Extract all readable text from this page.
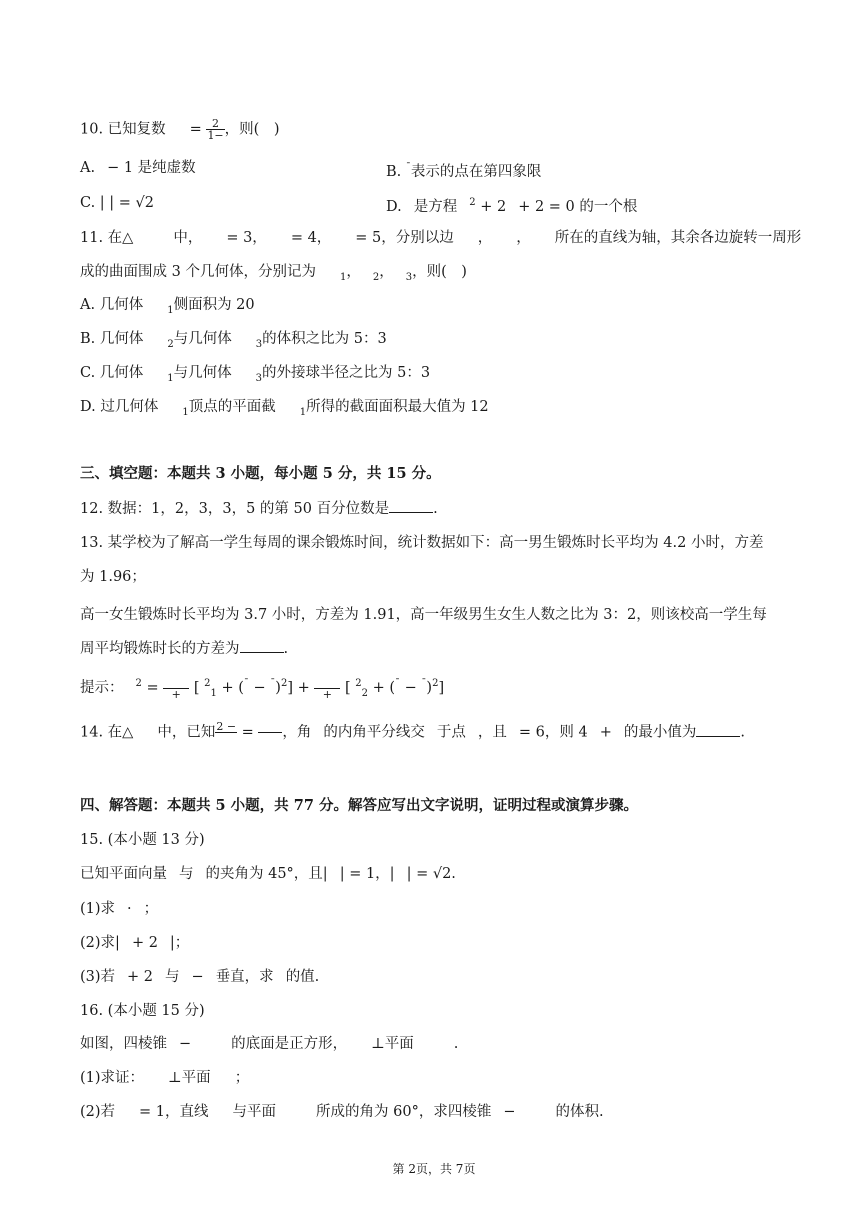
10. 已知复数 = $\frac{2}{1-}$ ，则(　)
A. − 1 是纯虚数	B. ¯表示的点在第四象限
C. | | = √2	D. 是方程 $^2$ + 2 + 2 = 0 的一个根
11. 在△	中， = 3， = 4， = 5，分别以边 ， ， 所在的直线为轴，其余各边旋转一周形
成的曲面围成 3 个几何体，分别记为 $_1$， $_2$， $_3$，则(　)
A. 几何体 $_1$侧面积为 20
B. 几何体 $_2$与几何体 $_3$的体积之比为 5：3
C. 几何体 $_1$与几何体 $_3$的外接球半径之比为 5：3
D. 过几何体 $_1$顶点的平面截 $_1$所得的截面面积最大值为 12
三、填空题：本题共 3 小题，每小题 5 分，共 15 分。
12. 数据：1，2，3，3，5 的第 50 百分位数是	.
13. 某学校为了解高一学生每周的课余锻炼时间，统计数据如下：高一男生锻炼时长平均为 4.2 小时，方差
为 1.96；
高一女生锻炼时长平均为 3.7 小时，方差为 1.91，高一年级男生女生人数之比为 3：2，则该校高一学生每
周平均锻炼时长的方差为	.
提示： $^2$ =
	+ [ $^2_1 + (^¯ - ^¯)^2$] +
	+ [ $^2_2 + (^¯ - ^¯)^2$]
14. 在△ 中，已知 2 −
=

，角 的内角平分线交 于点 ，且 = 6，则 4 + 的最小值为	.
四、解答题：本题共 5 小题，共 77 分。解答应写出文字说明，证明过程或演算步骤。
15. (本小题 13 分)
已知平面向量 与 的夹角为 45°，且| | = 1，| | = √2.
(1)求 · ；
(2)求| + 2 |；
(3)若 + 2 与 − 垂直，求 的值.
16. (本小题 15 分)
如图，四棱锥 −	的底面是正方形， ⊥平面	.
(1)求证： ⊥平面 ；
(2)若 = 1，直线 与平面	所成的角为 60°，求四棱锥 −	的体积.
第 2页，共 7页
